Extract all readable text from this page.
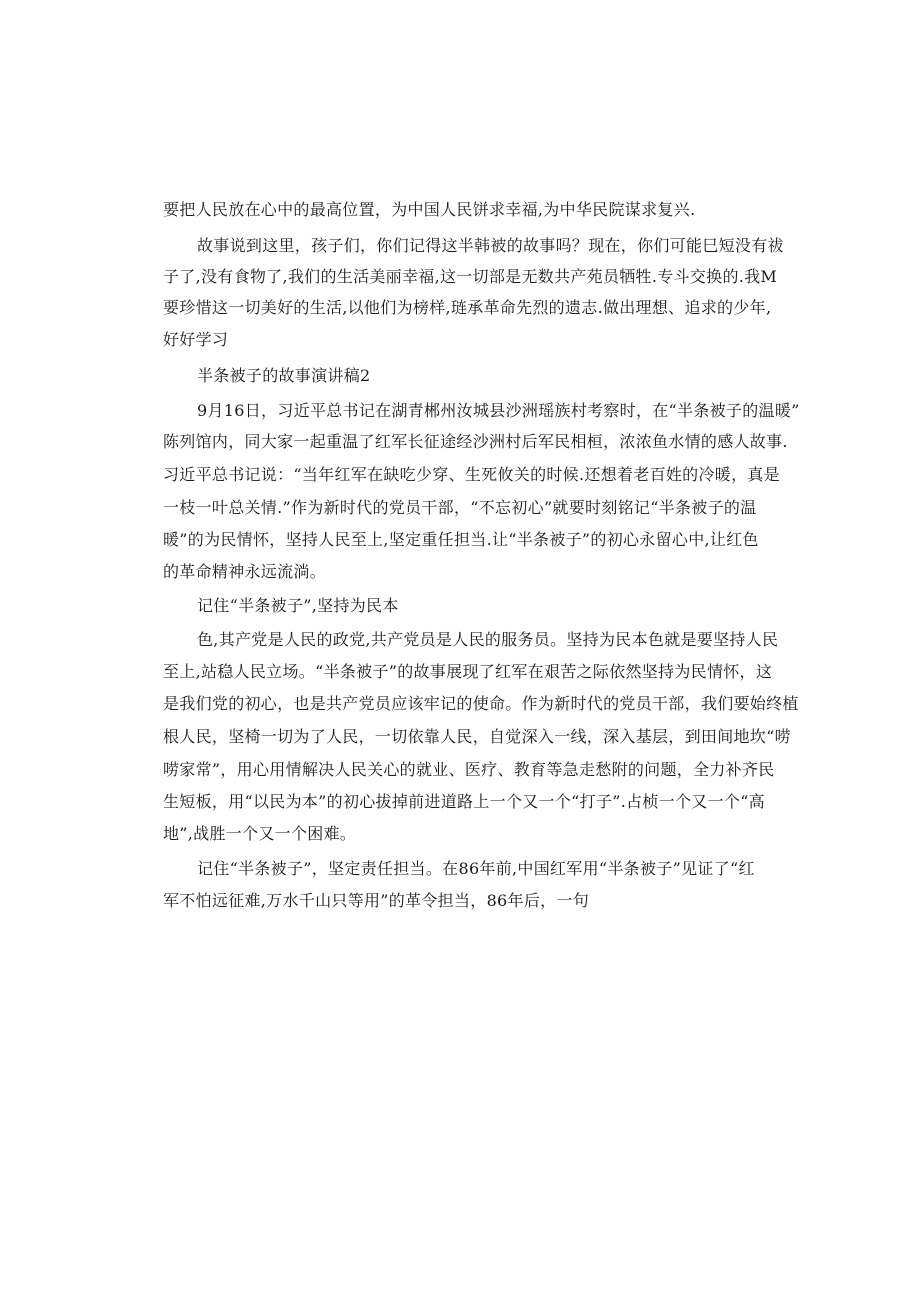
要把人民放在心中的最高位置，为中国人民饼求幸福,为中华民院谋求复兴.
故事说到这里，孩子们，你们记得这半韩被的故事吗？现在，你们可能巳短没有祓
子了,没有食物了,我们的生活美丽幸福,这一切部是无数共产苑员牺牲.专斗交换的.我M
要珍惜这一切美好的生活,以他们为榜样,琏承革命先烈的遗志.做出理想、追求的少年,
好好学习
半条被子的故事演讲稿2
9月16日，习近平总书记在湖青郴州汝城县沙洲瑶族村考察时，在“半条被子的温暖”
陈列馆内，同大家一起重温了红军长征途经沙洲村后军民相桓，浓浓鱼水情的感人故事.
习近平总书记说：“当年红军在缺吃少穿、生死攸关的时候.还想着老百姓的冷暖，真是
一枝一叶总关情.”作为新时代的党员干部，“不忘初心”就要时刻铭记“半条被子的温
暖”的为民情怀，坚持人民至上,坚定重任担当.让“半条被子”的初心永留心中,让红色
的革命精神永远流淌。
记住“半条被子”,坚持为民本
色,其产党是人民的政党,共产党员是人民的服务员。坚持为民本色就是要坚持人民
至上,站稳人民立场。“半条被子”的故事展现了红军在艰苦之际依然坚持为民情怀，这
是我们党的初心，也是共产党员应该牢记的使命。作为新时代的党员干部，我们要始终植
根人民，坚椅一切为了人民，一切依靠人民，自觉深入一线，深入基层，到田间地坎“唠
唠家常”，用心用情解决人民关心的就业、医疗、教育等急走愁附的问题，全力补齐民
生短板，用“以民为本”的初心拔掉前进道路上一个又一个“打子”.占桢一个又一个“高
地”,战胜一个又一个困难。
记住“半条被子”，坚定责任担当。在86年前,中国红军用“半条被子”见证了“红
军不怕远征难,万水千山只等用”的革令担当，86年后，一句
